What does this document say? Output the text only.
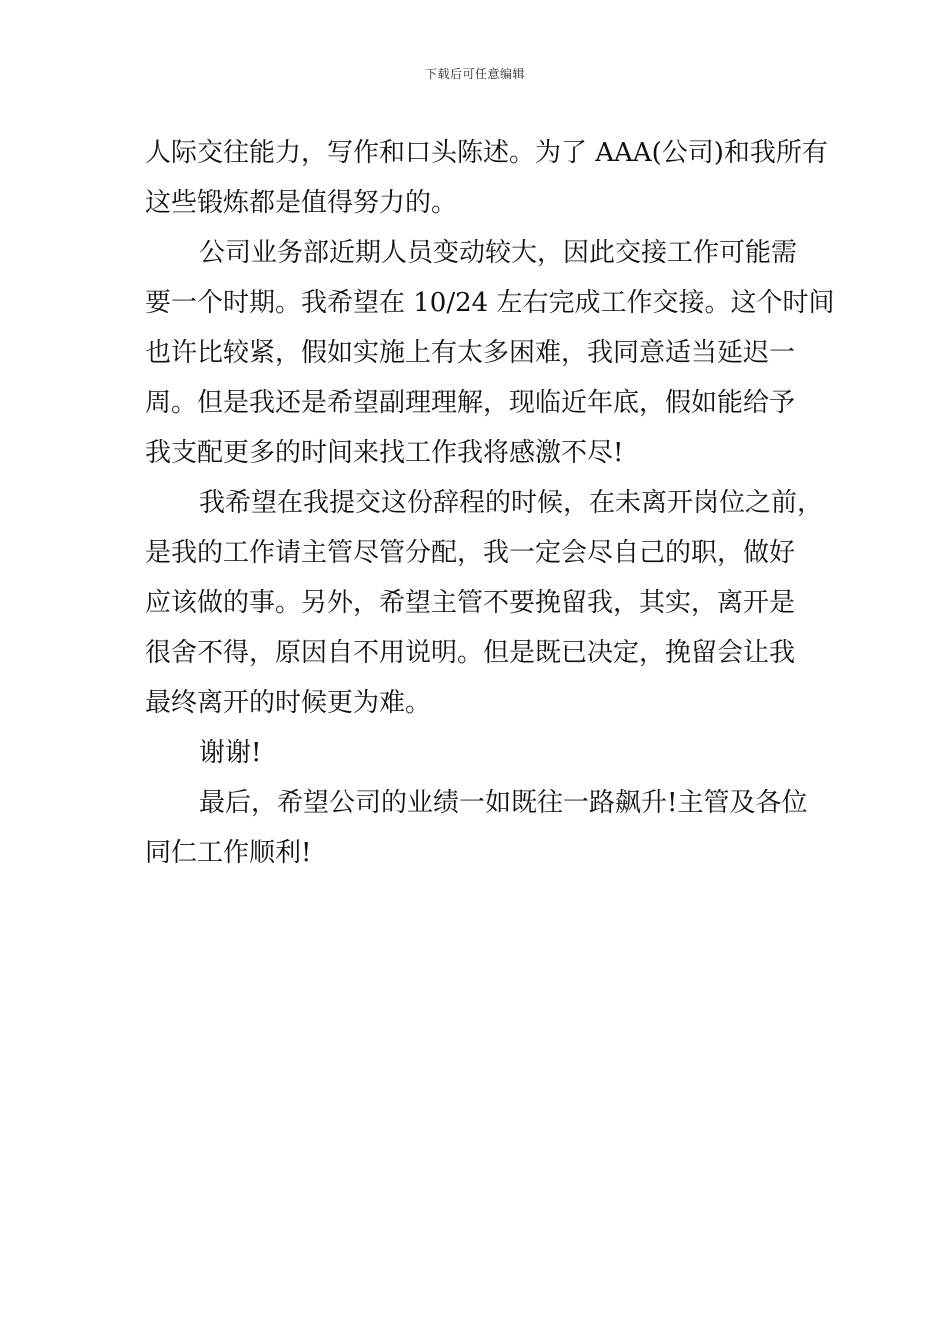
下载后可任意编辑
人际交往能力，写作和口头陈述。为了 AAA(公司)和我所有
这些锻炼都是值得努力的。
公司业务部近期人员变动较大，因此交接工作可能需
要一个时期。我希望在 10/24 左右完成工作交接。这个时间
也许比较紧，假如实施上有太多困难，我同意适当延迟一
周。但是我还是希望副理理解，现临近年底，假如能给予
我支配更多的时间来找工作我将感激不尽!
我希望在我提交这份辞程的时候，在未离开岗位之前，
是我的工作请主管尽管分配，我一定会尽自己的职，做好
应该做的事。另外，希望主管不要挽留我，其实，离开是
很舍不得，原因自不用说明。但是既已决定，挽留会让我
最终离开的时候更为难。
谢谢!
最后，希望公司的业绩一如既往一路飙升!主管及各位
同仁工作顺利!
